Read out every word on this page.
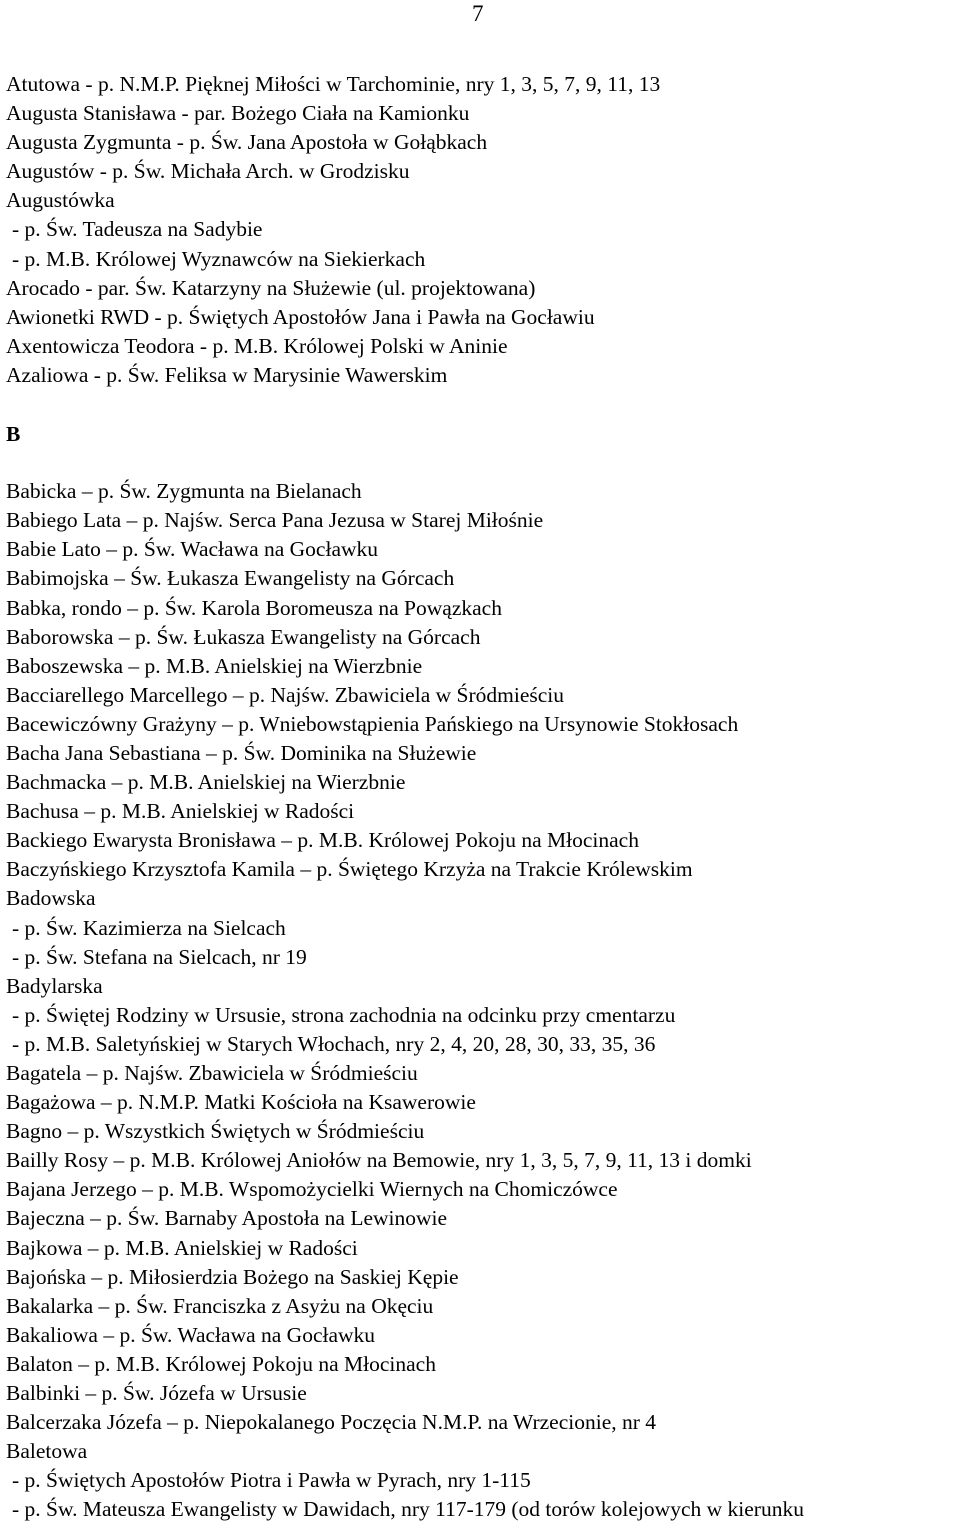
7
Atutowa - p. N.M.P. Pięknej Miłości w Tarchominie, nry 1, 3, 5, 7, 9, 11, 13
Augusta Stanisława - par. Bożego Ciała na Kamionku
Augusta Zygmunta - p. Św. Jana Apostoła w Gołąbkach
Augustów - p. Św. Michała Arch. w Grodzisku
Augustówka
- p. Św. Tadeusza na Sadybie
- p. M.B. Królowej Wyznawców na Siekierkach
Arocado - par. Św. Katarzyny na Służewie (ul. projektowana)
Awionetki RWD - p. Świętych Apostołów Jana i Pawła na Gocławiu
Axentowicza Teodora - p. M.B. Królowej Polski w Aninie
Azaliowa - p. Św. Feliksa w Marysinie Wawerskim
B
Babicka – p. Św. Zygmunta na Bielanach
Babiego Lata – p. Najśw. Serca Pana Jezusa w Starej Miłośnie
Babie Lato – p. Św. Wacława na Gocławku
Babimojska – Św. Łukasza Ewangelisty na Górcach
Babka, rondo – p. Św. Karola Boromeusza na Powązkach
Baborowska – p. Św. Łukasza Ewangelisty na Górcach
Baboszewska – p. M.B. Anielskiej na Wierzbnie
Bacciarellego Marcellego – p. Najśw. Zbawiciela w Śródmieściu
Bacewiczówny Grażyny – p. Wniebowstąpienia Pańskiego na Ursynowie Stokłosach
Bacha Jana Sebastiana – p. Św. Dominika na Służewie
Bachmacka – p. M.B. Anielskiej na Wierzbnie
Bachusa – p. M.B. Anielskiej w Radości
Backiego Ewarysta Bronisława – p. M.B. Królowej Pokoju na Młocinach
Baczyńskiego Krzysztofa Kamila – p. Świętego Krzyża na Trakcie Królewskim
Badowska
- p. Św. Kazimierza na Sielcach
- p. Św. Stefana na Sielcach, nr 19
Badylarska
- p. Świętej Rodziny w Ursusie, strona zachodnia na odcinku przy cmentarzu
- p. M.B. Saletyńskiej w Starych Włochach, nry 2, 4, 20, 28, 30, 33, 35, 36
Bagatela – p. Najśw. Zbawiciela w Śródmieściu
Bagażowa – p. N.M.P. Matki Kościoła na Ksawerowie
Bagno – p. Wszystkich Świętych w Śródmieściu
Bailly Rosy – p. M.B. Królowej Aniołów na Bemowie, nry 1, 3, 5, 7, 9, 11, 13 i domki
Bajana Jerzego – p. M.B. Wspomożycielki Wiernych na Chomiczówce
Bajeczna – p. Św. Barnaby Apostoła na Lewinowie
Bajkowa – p. M.B. Anielskiej w Radości
Bajońska – p. Miłosierdzia Bożego na Saskiej Kępie
Bakalarka – p. Św. Franciszka z Asyżu na Okęciu
Bakaliowa – p. Św. Wacława na Gocławku
Balaton – p. M.B. Królowej Pokoju na Młocinach
Balbinki – p. Św. Józefa w Ursusie
Balcerzaka Józefa – p. Niepokalanego Poczęcia N.M.P. na Wrzecionie, nr 4
Baletowa
- p. Świętych Apostołów Piotra i Pawła w Pyrach, nry 1-115
- p. Św. Mateusza Ewangelisty w Dawidach, nry 117-179 (od torów kolejowych w kierunku
